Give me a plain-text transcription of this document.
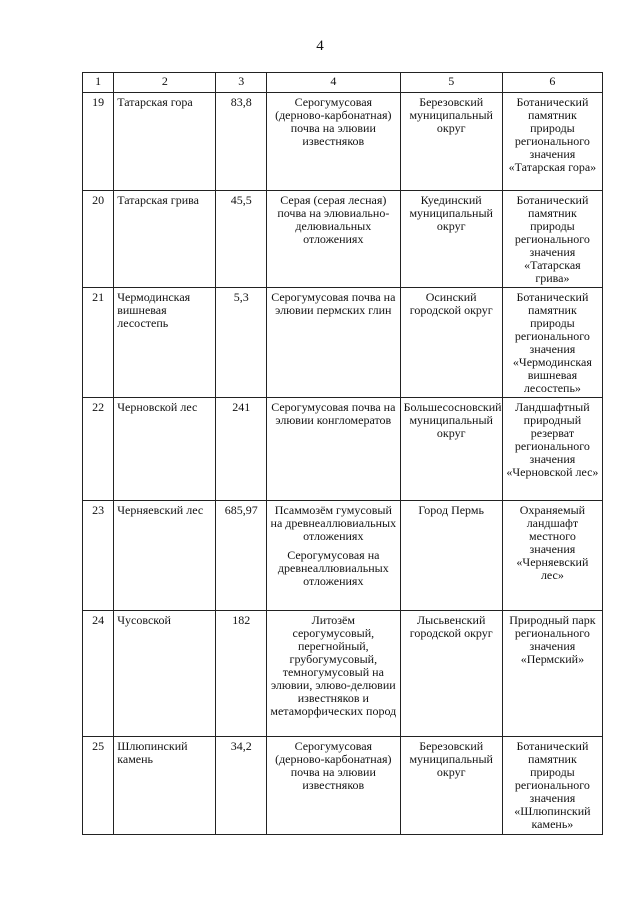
4
1	2	3	4	5	6
19	Татарская гора	83,8	Серогумусовая (дерново-карбонатная) почва на элювии известняков	Березовский муниципальный округ	Ботанический памятник природы регионального значения «Татарская гора»
20	Татарская грива	45,5	Серая (серая лесная) почва на элювиально-делювиальных отложениях	Куединский муниципальный округ	Ботанический памятник природы регионального значения «Татарская грива»
21	Чермодинская вишневая лесостепь	5,3	Серогумусовая почва на элювии пермских глин	Осинский городской округ	Ботанический памятник природы регионального значения «Чермодинская вишневая лесостепь»
22	Черновской лес	241	Серогумусовая почва на элювии конгломератов	Большесосновский муниципальный округ	Ландшафтный природный резерват регионального значения «Черновской лес»
23	Черняевский лес	685,97	Псаммозём гумусовый на древнеаллювиальных отложениях
Серогумусовая на древнеаллювиальных отложениях	Город Пермь	Охраняемый ландшафт местного значения «Черняевский лес»
24	Чусовской	182	Литозём серогумусовый, перегнойный, грубогумусовый, темногумусовый на элювии, элюво-делювии известняков и метаморфических пород	Лысьвенский городской округ	Природный парк регионального значения «Пермский»
25	Шлюпинский камень	34,2	Серогумусовая (дерново-карбонатная) почва на элювии известняков	Березовский муниципальный округ	Ботанический памятник природы регионального значения «Шлюпинский камень»
